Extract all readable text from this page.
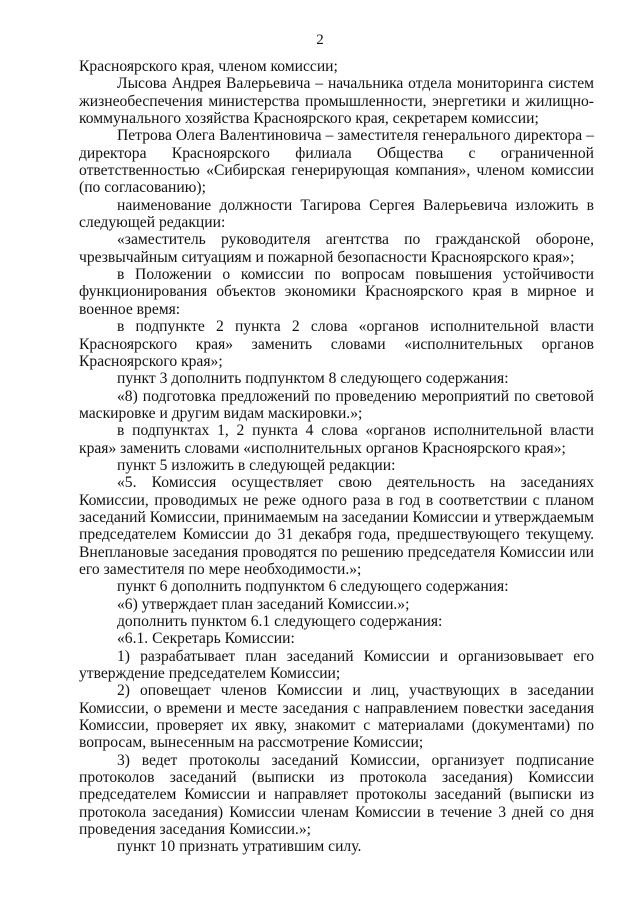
2

Красноярского края, членом комиссии;

Лысова Андрея Валерьевича – начальника отдела мониторинга систем жизнеобеспечения министерства промышленности, энергетики и жилищно-коммунального хозяйства Красноярского края, секретарем комиссии;

Петрова Олега Валентиновича – заместителя генерального директора – директора Красноярского филиала Общества с ограниченной ответственностью «Сибирская генерирующая компания», членом комиссии (по согласованию);

наименование должности Тагирова Сергея Валерьевича изложить в следующей редакции:

«заместитель руководителя агентства по гражданской обороне, чрезвычайным ситуациям и пожарной безопасности Красноярского края»;

в Положении о комиссии по вопросам повышения устойчивости функционирования объектов экономики Красноярского края в мирное и военное время:

в подпункте 2 пункта 2 слова «органов исполнительной власти Красноярского края» заменить словами «исполнительных органов Красноярского края»;

пункт 3 дополнить подпунктом 8 следующего содержания:

«8) подготовка предложений по проведению мероприятий по световой маскировке и другим видам маскировки.»;

в подпунктах 1, 2 пункта 4 слова «органов исполнительной власти края» заменить словами «исполнительных органов Красноярского края»;

пункт 5 изложить в следующей редакции:

«5. Комиссия осуществляет свою деятельность на заседаниях Комиссии, проводимых не реже одного раза в год в соответствии с планом заседаний Комиссии, принимаемым на заседании Комиссии и утверждаемым председателем Комиссии до 31 декабря года, предшествующего текущему. Внеплановые заседания проводятся по решению председателя Комиссии или его заместителя по мере необходимости.»;

пункт 6 дополнить подпунктом 6 следующего содержания:

«6) утверждает план заседаний Комиссии.»;

дополнить пунктом 6.1 следующего содержания:

«6.1. Секретарь Комиссии:

1) разрабатывает план заседаний Комиссии и организовывает его утверждение председателем Комиссии;

2) оповещает членов Комиссии и лиц, участвующих в заседании Комиссии, о времени и месте заседания с направлением повестки заседания Комиссии, проверяет их явку, знакомит с материалами (документами) по вопросам, вынесенным на рассмотрение Комиссии;

3) ведет протоколы заседаний Комиссии, организует подписание протоколов заседаний (выписки из протокола заседания) Комиссии председателем Комиссии и направляет протоколы заседаний (выписки из протокола заседания) Комиссии членам Комиссии в течение 3 дней со дня проведения заседания Комиссии.»;

пункт 10 признать утратившим силу.
